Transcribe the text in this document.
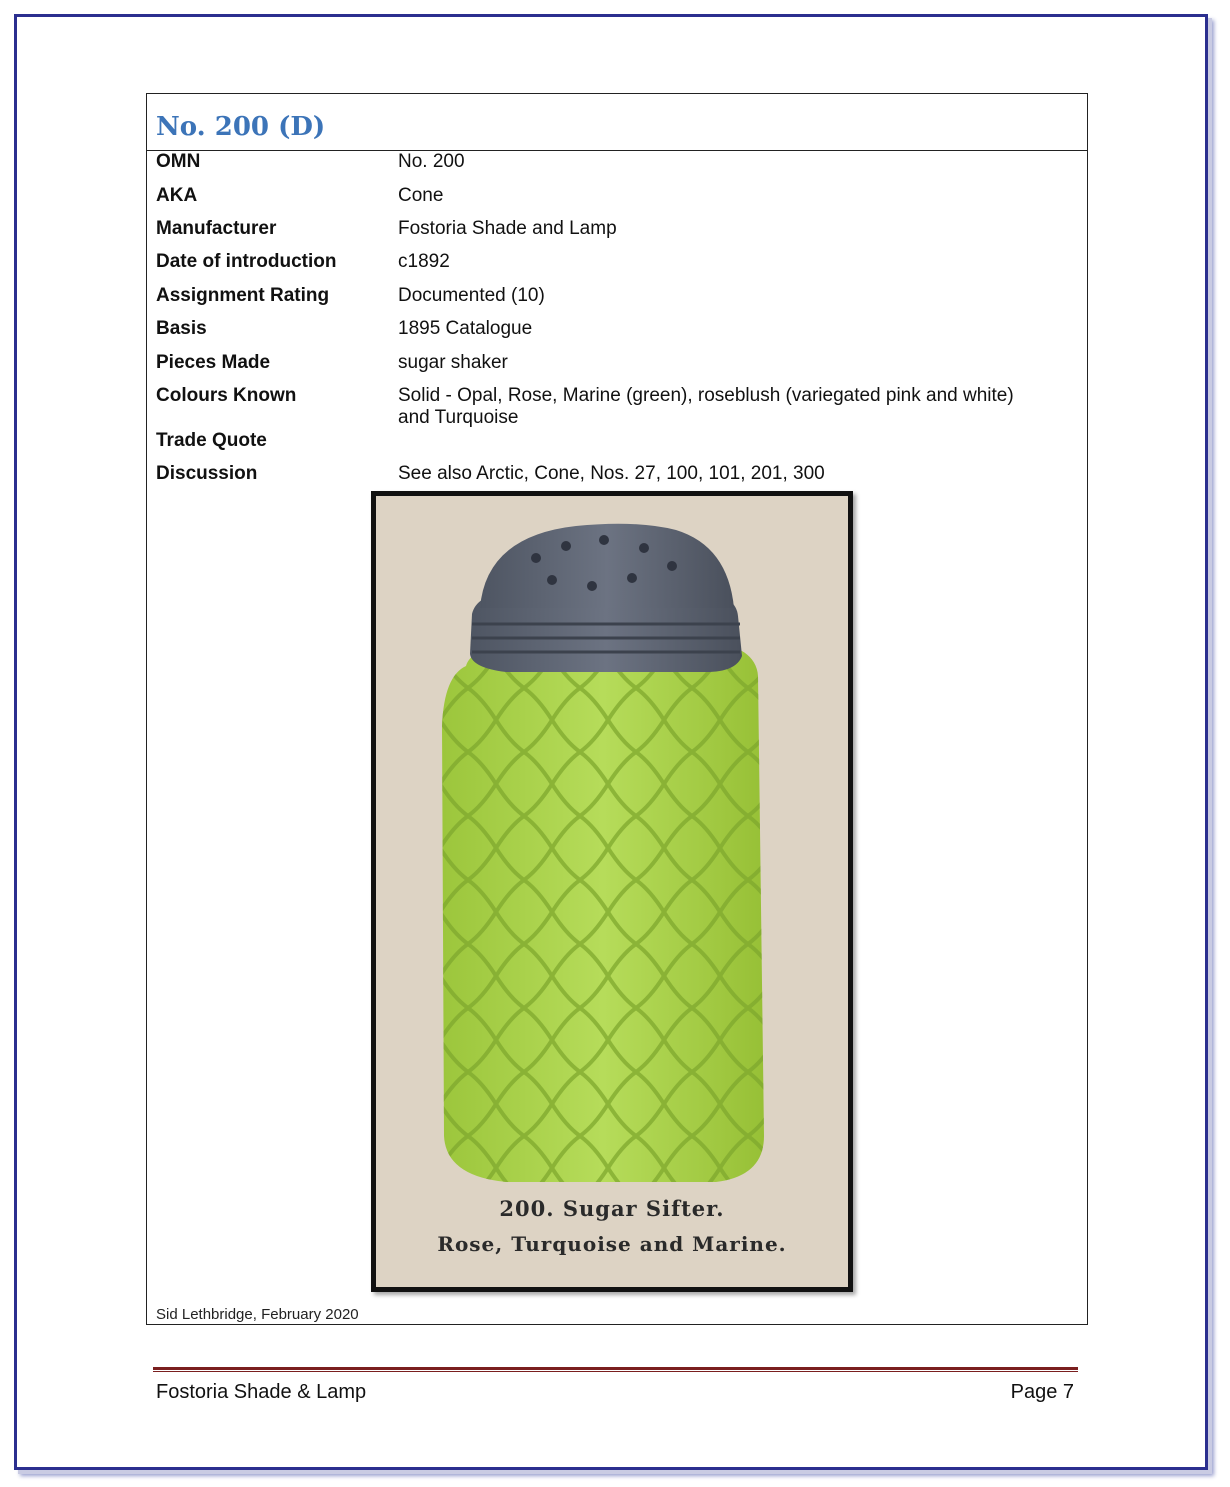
No. 200 (D)
OMN	No. 200
AKA	Cone
Manufacturer	Fostoria Shade and Lamp
Date of introduction	c1892
Assignment Rating	Documented (10)
Basis	1895 Catalogue
Pieces Made	sugar shaker
Colours Known	Solid - Opal, Rose, Marine (green), roseblush (variegated pink and white) and Turquoise
Trade Quote
Discussion	See also Arctic, Cone, Nos. 27, 100, 101, 201, 300
200. Sugar Sifter.
Rose, Turquoise and Marine.
Sid Lethbridge, February 2020
Fostoria Shade & Lamp	Page 7
